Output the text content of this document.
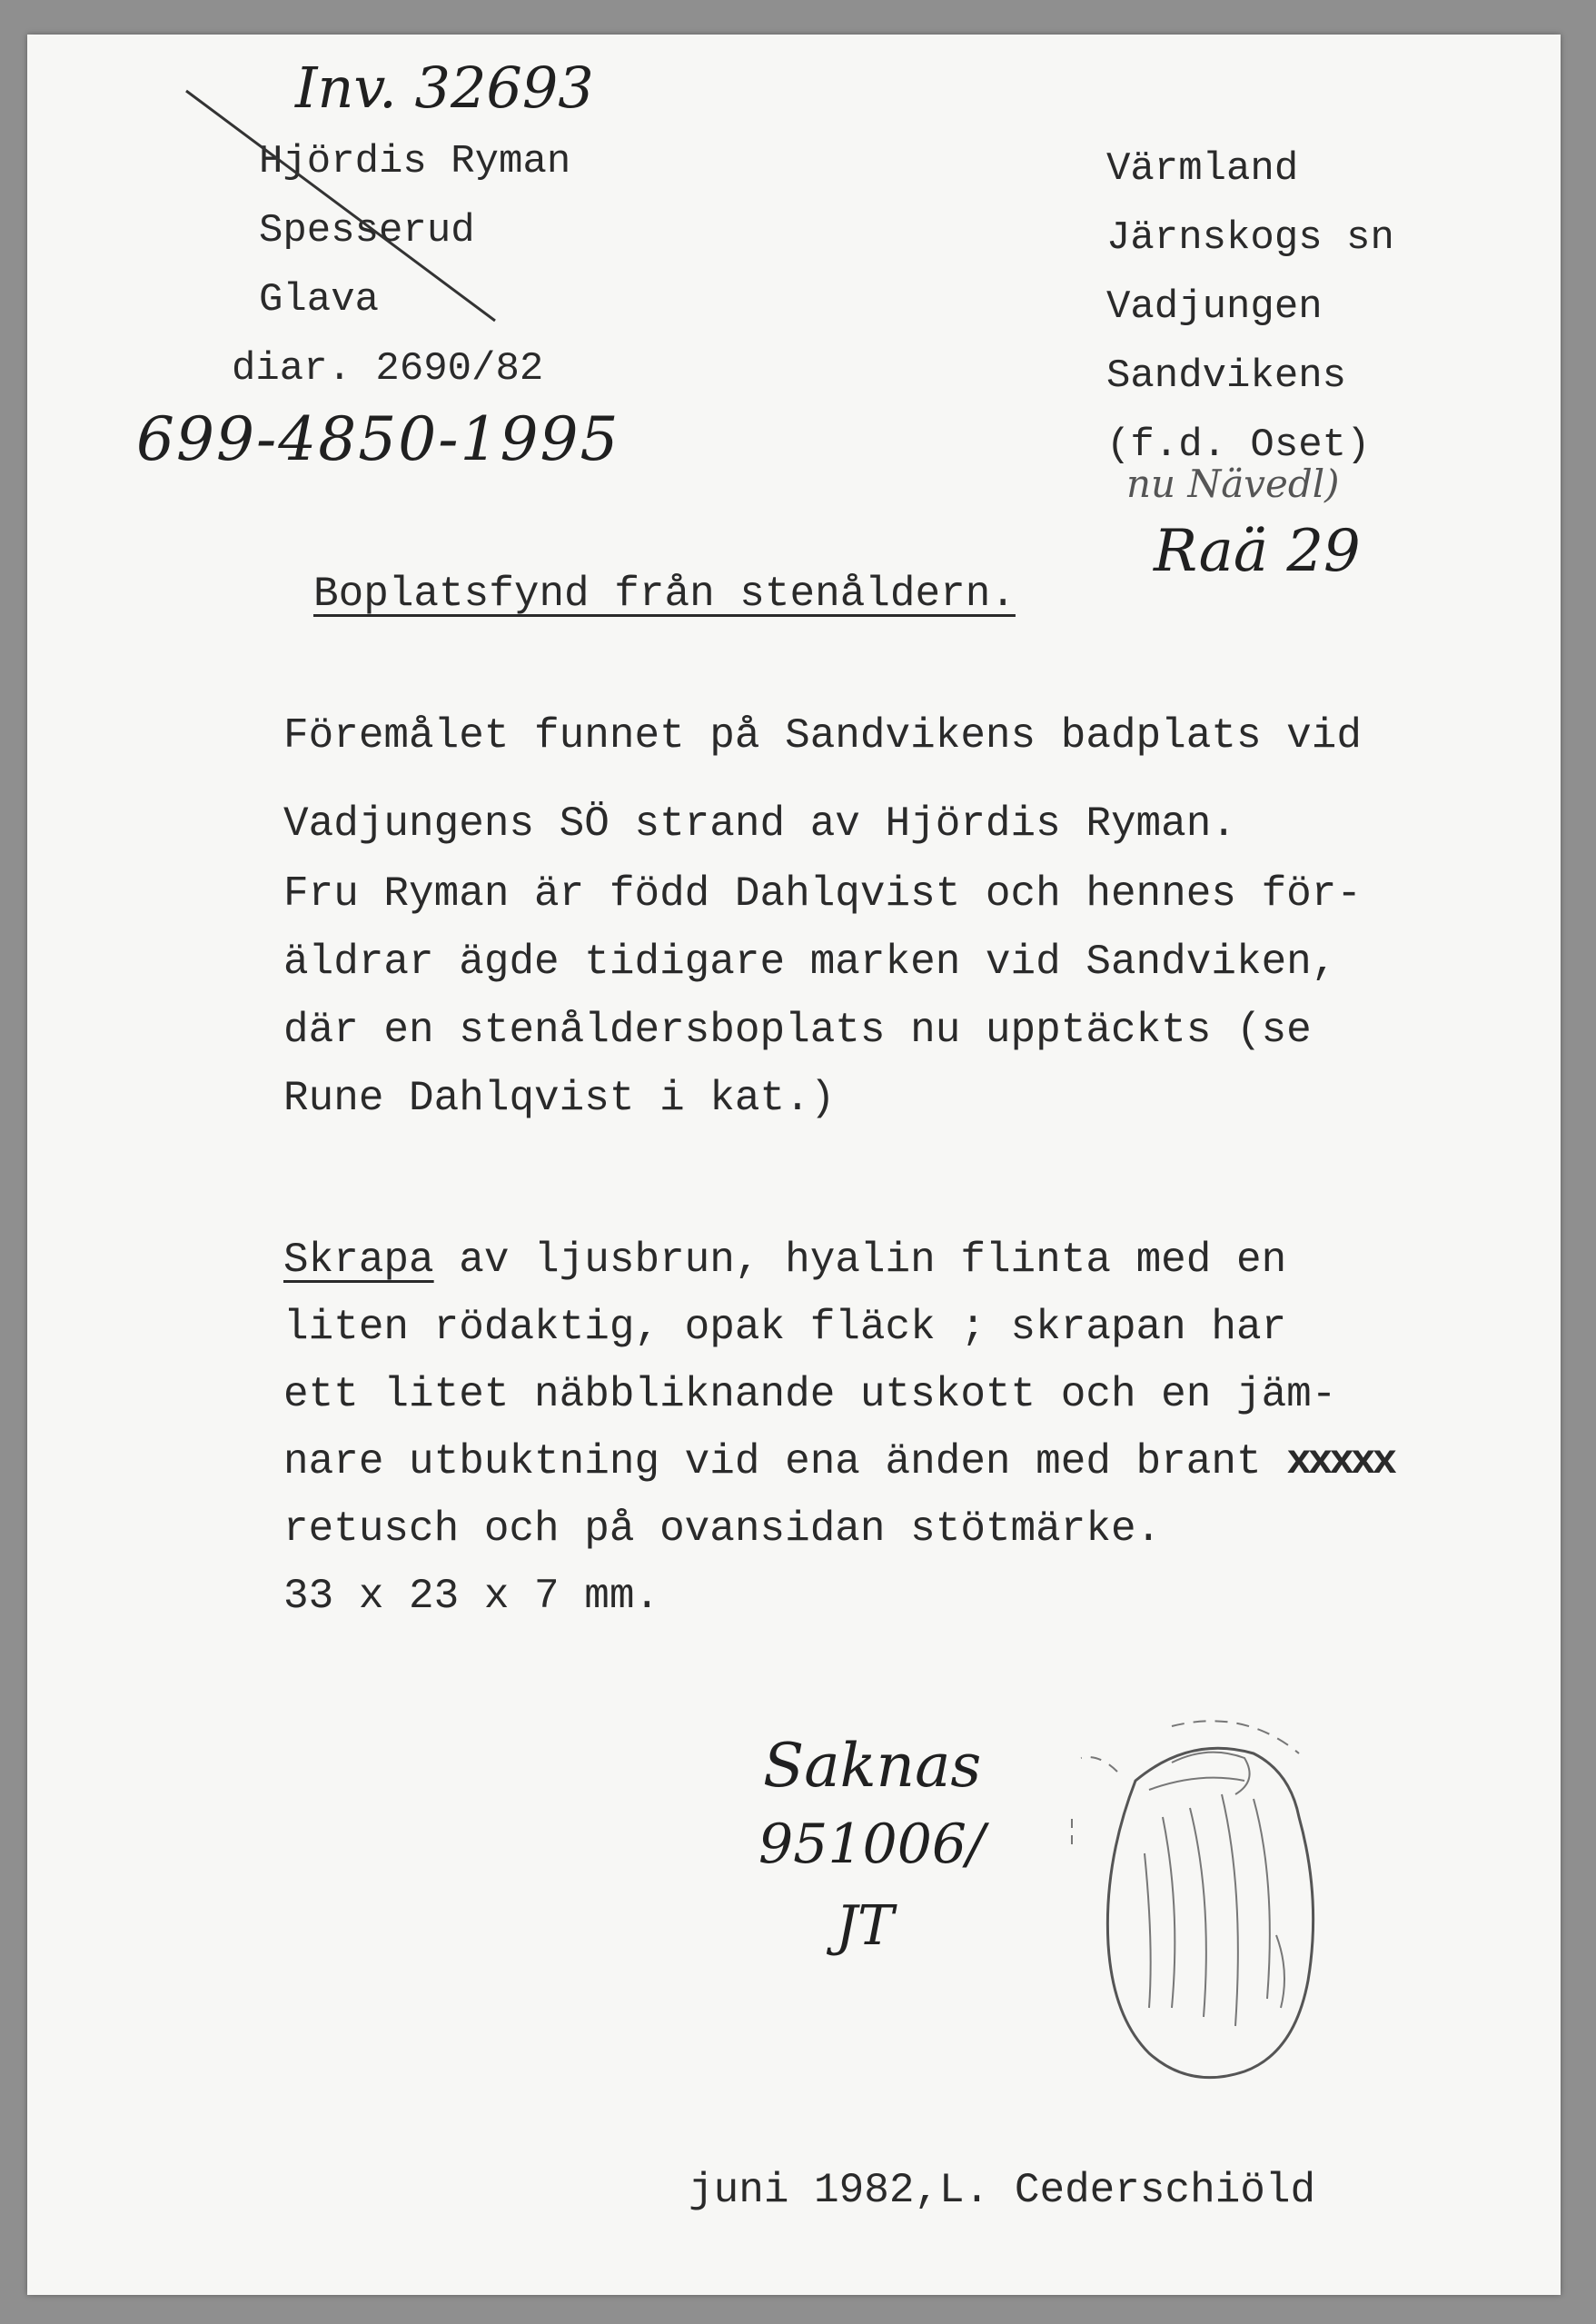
Inv. 32693
Hjördis Ryman
Spesserud
Glava
diar. 2690/82
699-4850-1995
Värmland
Järnskogs sn
Vadjungen
Sandvikens
(f.d. Oset)
nu Nävedl)
Raä 29
Boplatsfynd från stenåldern.
Föremålet funnet på Sandvikens badplats vid
Vadjungens SÖ strand av Hjördis Ryman.
Fru Ryman är född Dahlqvist och hennes för-
äldrar ägde tidigare marken vid Sandviken,
där en stenåldersboplats nu upptäckts (se
Rune Dahlqvist i kat.)
Skrapa av ljusbrun, hyalin flinta med en
liten rödaktig, opak fläck ; skrapan har
ett litet näbbliknande utskott och en jäm-
nare utbuktning vid ena änden med brant xxxxx
retusch och på ovansidan stötmärke.
33 x 23 x 7 mm.
Saknas
951006/
JT
juni 1982,L. Cederschiöld
